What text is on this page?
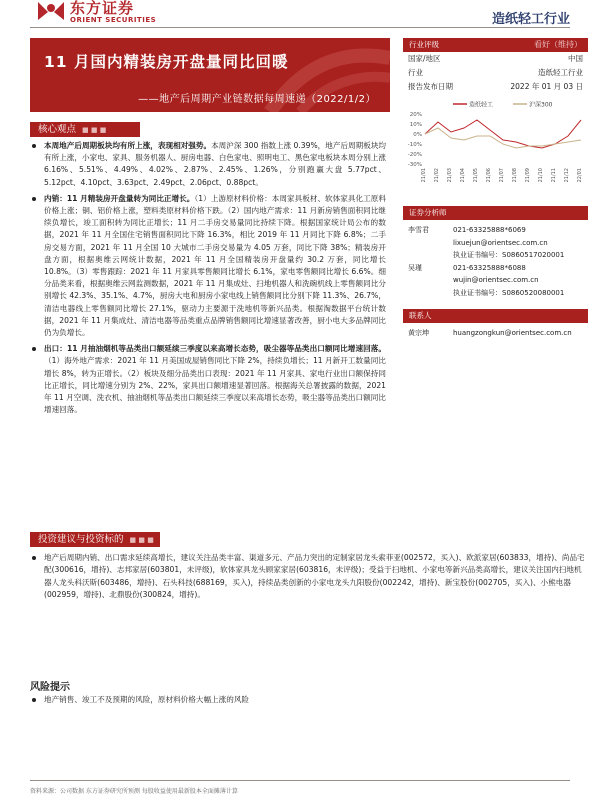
东方证券
ORIENT SECURITIES	造纸轻工行业
11 月国内精装房开盘量同比回暖
——地产后周期产业链数据每周速递（2022/1/2）
行业评级	看好（维持）
国家/地区	中国
行业	造纸轻工行业
报告发布日期	2022 年 01 月 03 日
造纸轻工	沪深300
20%
10%
0%
-10%
-20%
-30%
21/01 21/02 21/03 21/04 21/05 21/06 21/07 21/08 21/09 21/10 21/11 21/12 22/01
证券分析师
李雪君	021-63325888*6069
lixuejun@orientsec.com.cn
执业证书编号：S0860517020001
吴瑾	021-63325888*6088
wujin@orientsec.com.cn
执业证书编号：S0860520080001
联系人
黄宗坤	huangzongkun@orientsec.com.cn
核心观点 ■ ■ ■
本周地产后周期板块均有所上涨，表现相对强势。本周沪深 300 指数上涨 0.39%，地产后周期板块均有所上涨，小家电、家具、服务机器人、厨房电器、白色家电、照明电工、黑色家电板块本周分别上涨 6.16%、5.51%、4.49%、4.02%、2.87%、2.45%、1.26%，分别跑赢大盘 5.77pct、5.12pct、4.10pct、3.63pct、2.49pct、2.06pct、0.88pct。
内销：11 月精装房开盘量转为同比正增长。（1）上游原材料价格：本周家具板材、软体家具化工原料价格上涨；铜、铝价格上涨，塑料类原材料价格下跌。（2）国内地产需求：11 月新房销售面积同比继续负增长，竣工面积转为同比正增长；11 月二手房交易量同比持续下降。根据国家统计局公布的数据，2021 年 11 月全国住宅销售面积同比下降 16.3%，相比 2019 年 11 月同比下降 6.8%；二手房交易方面，2021 年 11 月全国 10 大城市二手房交易量为 4.05 万套，同比下降 38%；精装房开盘方面，根据奥维云网统计数据，2021 年 11 月全国精装房开盘量约 30.2 万套，同比增长 10.8%。（3）零售跟踪：2021 年 11 月家具零售额同比增长 6.1%，家电零售额同比增长 6.6%。细分品类来看，根据奥维云网监测数据，2021 年 11 月集成灶、扫地机器人和洗碗机线上零售额同比分别增长 42.3%、35.1%、4.7%，厨房大电和厨房小家电线上销售额同比分别下降 11.3%、26.7%，清洁电器线上零售额同比增长 27.1%，驱动力主要源于洗地机等新兴品类。根据淘数据平台统计数据，2021 年 11 月集成灶、清洁电器等品类重点品牌销售额同比增速显著改善，厨小电大多品牌同比仍为负增长。
出口：11 月抽油烟机等品类出口额延续三季度以来高增长态势，吸尘器等品类出口额同比增速回落。（1）海外地产需求：2021 年 11 月美国成屋销售同比下降 2%，持续负增长；11 月新开工数量同比增长 8%，转为正增长。（2）板块及细分品类出口表现：2021 年 11 月家具、家电行业出口额保持同比正增长，同比增速分别为 2%、22%，家具出口额增速显著回落。根据海关总署披露的数据，2021 年 11 月空调、洗衣机、抽油烟机等品类出口额延续三季度以来高增长态势，吸尘器等品类出口额同比增速回落。
投资建议与投资标的 ■ ■ ■
地产后周期内销、出口需求延续高增长，建议关注品类丰富、渠道多元、产品力突出的定制家居龙头索菲亚(002572，买入)、欧派家居(603833，增持)、尚品宅配(300616，增持)、志邦家居(603801，未评级)，软体家具龙头顾家家居(603816，未评级)；受益于扫地机、小家电等新兴品类高增长，建议关注国内扫地机器人龙头科沃斯(603486，增持)、石头科技(688169，买入)，持续品类创新的小家电龙头九阳股份(002242，增持)、新宝股份(002705，买入)、小熊电器(002959，增持)、北鼎股份(300824，增持)。
风险提示
地产销售、竣工不及预期的风险，原材料价格大幅上涨的风险
资料来源：公司数据 东方证券研究所预测 每股收益使用最新股本全面摊薄计算
